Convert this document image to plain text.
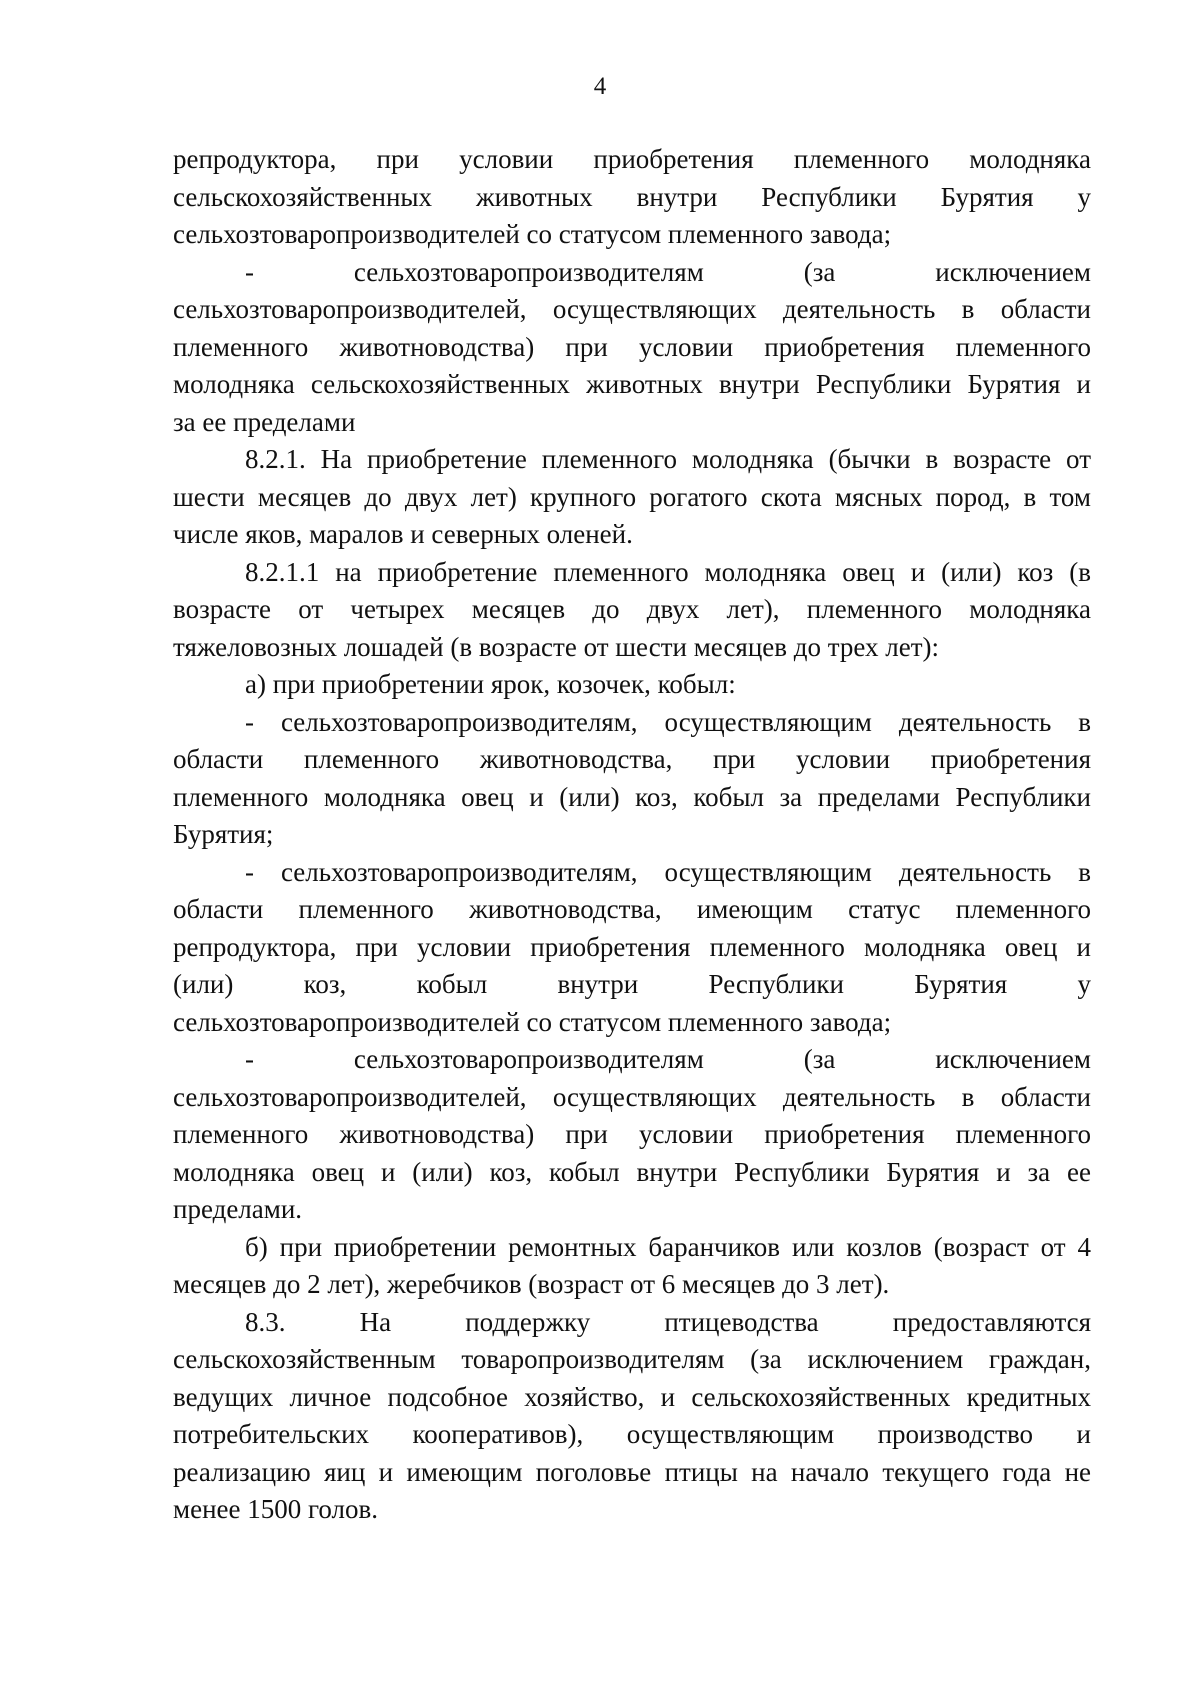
4

репродуктора, при условии приобретения племенного молодняка
сельскохозяйственных животных внутри Республики Бурятия у
сельхозтоваропроизводителей со статусом племенного завода;

- сельхозтоваропроизводителям (за исключением
сельхозтоваропроизводителей, осуществляющих деятельность в области
племенного животноводства) при условии приобретения племенного
молодняка сельскохозяйственных животных внутри Республики Бурятия и
за ее пределами

8.2.1. На приобретение племенного молодняка (бычки в возрасте от
шести месяцев до двух лет) крупного рогатого скота мясных пород, в том
числе яков, маралов и северных оленей.

8.2.1.1 на приобретение племенного молодняка овец и (или) коз (в
возрасте от четырех месяцев до двух лет), племенного молодняка
тяжеловозных лошадей (в возрасте от шести месяцев до трех лет):

а) при приобретении ярок, козочек, кобыл:

- сельхозтоваропроизводителям, осуществляющим деятельность в
области племенного животноводства, при условии приобретения
племенного молодняка овец и (или) коз, кобыл за пределами Республики
Бурятия;

- сельхозтоваропроизводителям, осуществляющим деятельность в
области племенного животноводства, имеющим статус племенного
репродуктора, при условии приобретения племенного молодняка овец и
(или) коз, кобыл внутри Республики Бурятия у
сельхозтоваропроизводителей со статусом племенного завода;

- сельхозтоваропроизводителям (за исключением
сельхозтоваропроизводителей, осуществляющих деятельность в области
племенного животноводства) при условии приобретения племенного
молодняка овец и (или) коз, кобыл внутри Республики Бурятия и за ее
пределами.

б) при приобретении ремонтных баранчиков или козлов (возраст от 4
месяцев до 2 лет), жеребчиков (возраст от 6 месяцев до 3 лет).

8.3. На поддержку птицеводства предоставляются
сельскохозяйственным товаропроизводителям (за исключением граждан,
ведущих личное подсобное хозяйство, и сельскохозяйственных кредитных
потребительских кооперативов), осуществляющим производство и
реализацию яиц и имеющим поголовье птицы на начало текущего года не
менее 1500 голов.
